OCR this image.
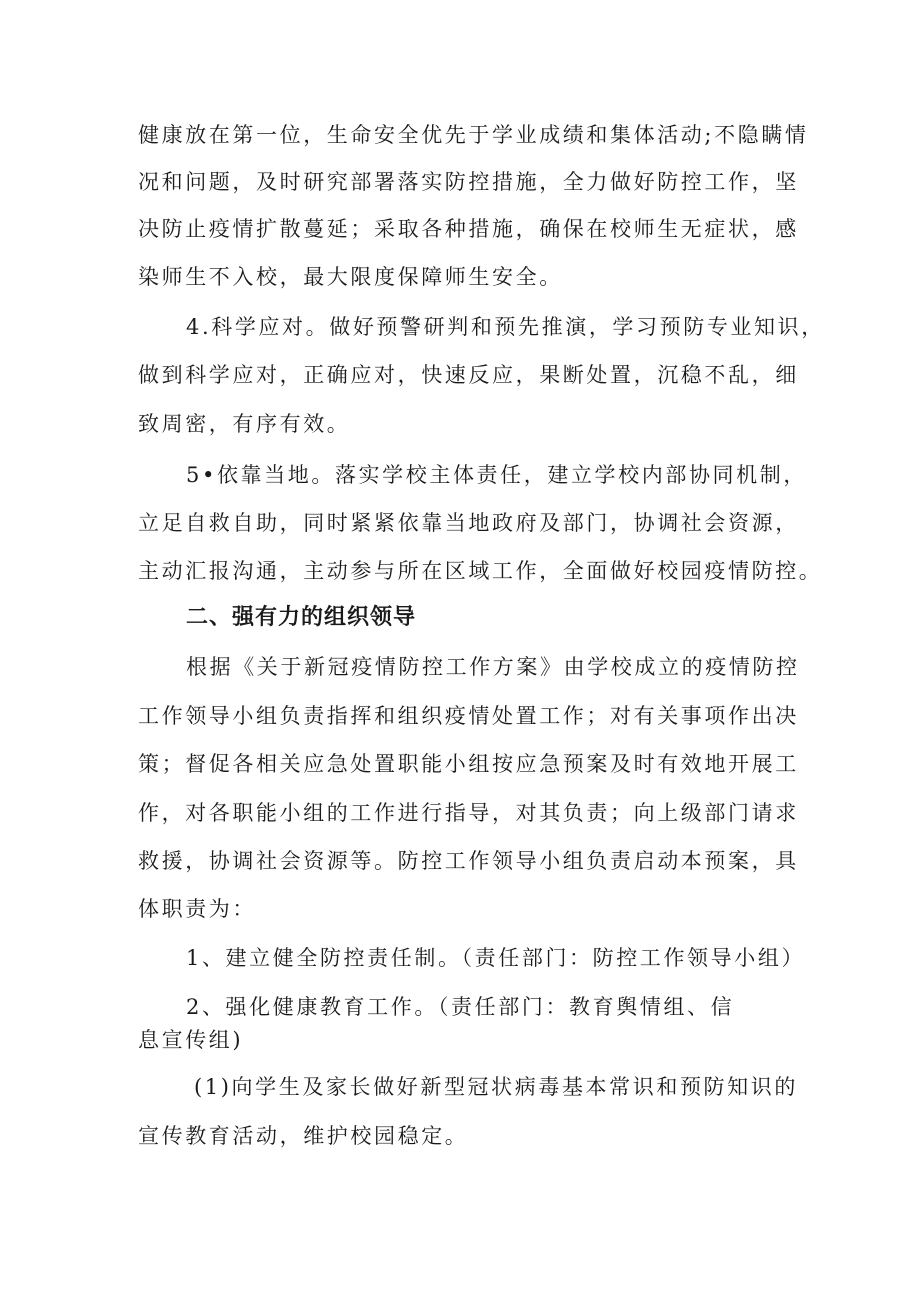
健康放在第一位，生命安全优先于学业成绩和集体活动;不隐瞒情
况和问题，及时研究部署落实防控措施，全力做好防控工作，坚
决防止疫情扩散蔓延；采取各种措施，确保在校师生无症状，感
染师生不入校，最大限度保障师生安全。
4.科学应对。做好预警研判和预先推演，学习预防专业知识，
做到科学应对，正确应对，快速反应，果断处置，沉稳不乱，细
致周密，有序有效。
5•依靠当地。落实学校主体责任，建立学校内部协同机制，
立足自救自助，同时紧紧依靠当地政府及部门，协调社会资源，
主动汇报沟通，主动参与所在区域工作，全面做好校园疫情防控。
二、强有力的组织领导
根据《关于新冠疫情防控工作方案》由学校成立的疫情防控
工作领导小组负责指挥和组织疫情处置工作；对有关事项作出决
策；督促各相关应急处置职能小组按应急预案及时有效地开展工
作，对各职能小组的工作进行指导，对其负责；向上级部门请求
救援，协调社会资源等。防控工作领导小组负责启动本预案，具
体职责为：
1、建立健全防控责任制。（责任部门：防控工作领导小组）
2、强化健康教育工作。（责任部门：教育舆情组、信
息宣传组)
(1)向学生及家长做好新型冠状病毒基本常识和预防知识的
宣传教育活动，维护校园稳定。
